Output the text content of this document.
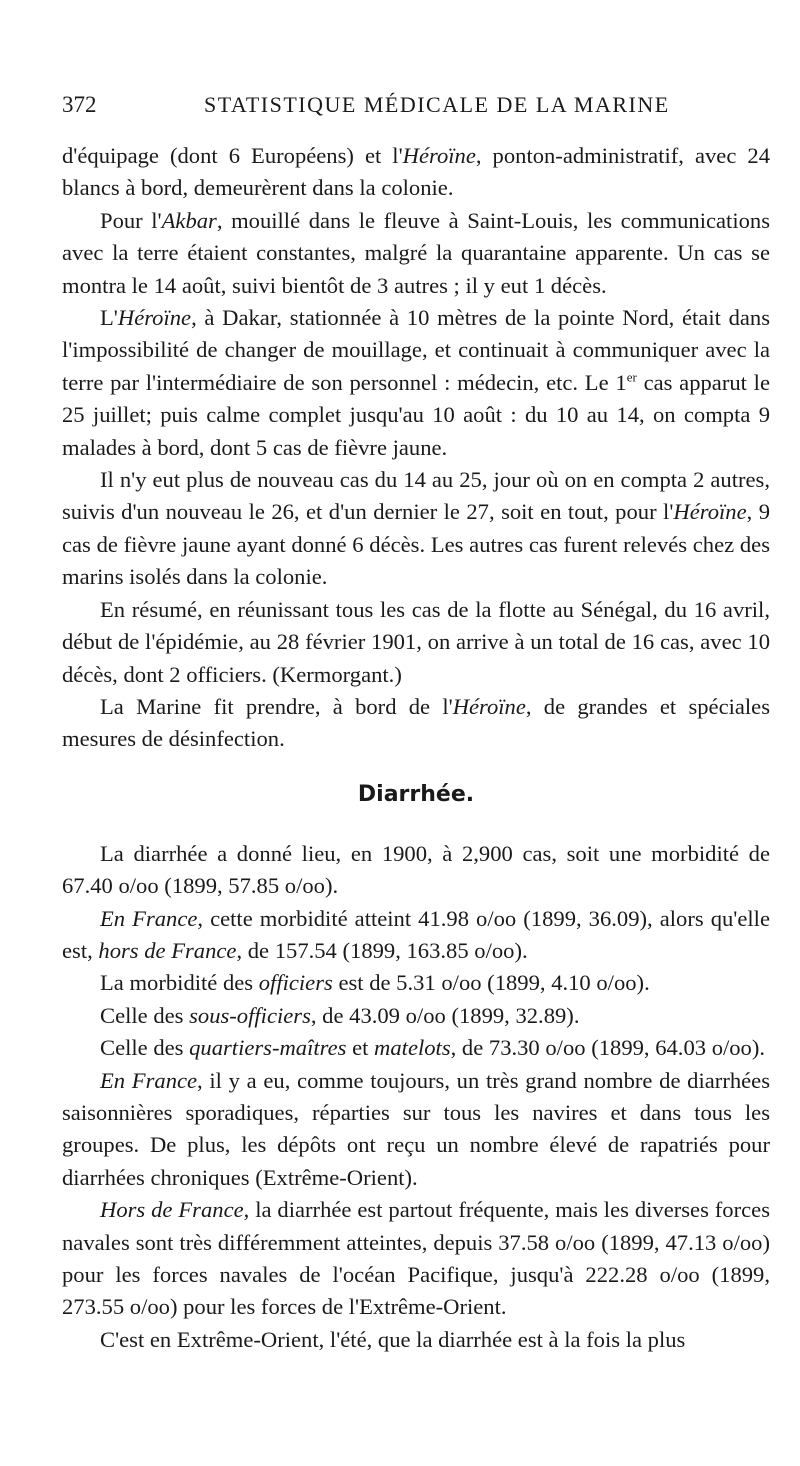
372	STATISTIQUE MÉDICALE DE LA MARINE

d'équipage (dont 6 Européens) et l'Héroïne, ponton-administratif, avec 24 blancs à bord, demeurèrent dans la colonie.

Pour l'Akbar, mouillé dans le fleuve à Saint-Louis, les communications avec la terre étaient constantes, malgré la quarantaine apparente. Un cas se montra le 14 août, suivi bientôt de 3 autres ; il y eut 1 décès.

L'Héroïne, à Dakar, stationnée à 10 mètres de la pointe Nord, était dans l'impossibilité de changer de mouillage, et continuait à communiquer avec la terre par l'intermédiaire de son personnel : médecin, etc. Le 1er cas apparut le 25 juillet; puis calme complet jusqu'au 10 août : du 10 au 14, on compta 9 malades à bord, dont 5 cas de fièvre jaune.

Il n'y eut plus de nouveau cas du 14 au 25, jour où on en compta 2 autres, suivis d'un nouveau le 26, et d'un dernier le 27, soit en tout, pour l'Héroïne, 9 cas de fièvre jaune ayant donné 6 décès. Les autres cas furent relevés chez des marins isolés dans la colonie.

En résumé, en réunissant tous les cas de la flotte au Sénégal, du 16 avril, début de l'épidémie, au 28 février 1901, on arrive à un total de 16 cas, avec 10 décès, dont 2 officiers. (Kermorgant.)

La Marine fit prendre, à bord de l'Héroïne, de grandes et spéciales mesures de désinfection.

Diarrhée.

La diarrhée a donné lieu, en 1900, à 2,900 cas, soit une morbidité de 67.40 o/oo (1899, 57.85 o/oo).

En France, cette morbidité atteint 41.98 o/oo (1899, 36.09), alors qu'elle est, hors de France, de 157.54 (1899, 163.85 o/oo).

La morbidité des officiers est de 5.31 o/oo (1899, 4.10 o/oo).

Celle des sous-officiers, de 43.09 o/oo (1899, 32.89).

Celle des quartiers-maîtres et matelots, de 73.30 o/oo (1899, 64.03 o/oo).

En France, il y a eu, comme toujours, un très grand nombre de diarrhées saisonnières sporadiques, réparties sur tous les navires et dans tous les groupes. De plus, les dépôts ont reçu un nombre élevé de rapatriés pour diarrhées chroniques (Extrême-Orient).

Hors de France, la diarrhée est partout fréquente, mais les diverses forces navales sont très différemment atteintes, depuis 37.58 o/oo (1899, 47.13 o/oo) pour les forces navales de l'océan Pacifique, jusqu'à 222.28 o/oo (1899, 273.55 o/oo) pour les forces de l'Extrême-Orient.

C'est en Extrême-Orient, l'été, que la diarrhée est à la fois la plus
